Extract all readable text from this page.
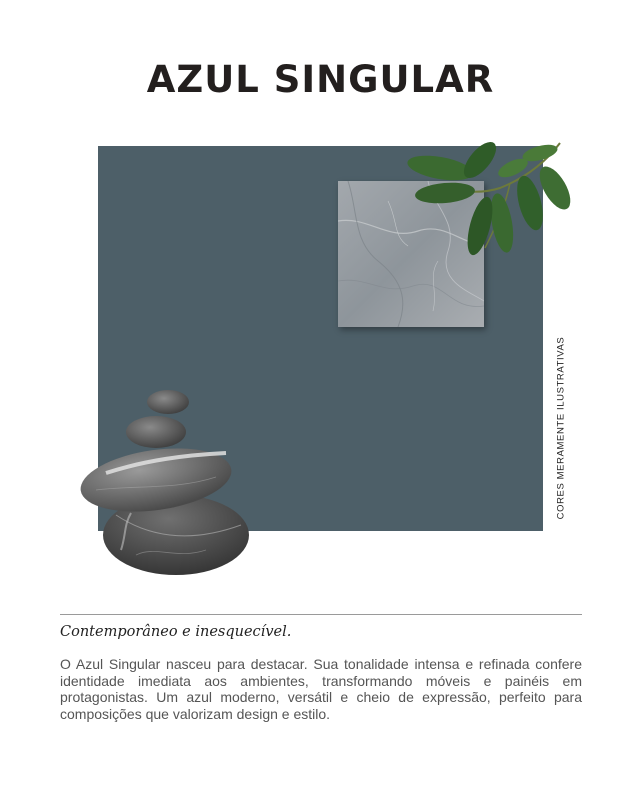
AZUL SINGULAR
CORES MERAMENTE ILUSTRATIVAS
Contemporâneo e inesquecível.

O Azul Singular nasceu para destacar. Sua tonalidade intensa e refinada confere identidade imediata aos ambientes, transformando móveis e painéis em protagonistas. Um azul moderno, versátil e cheio de expressão, perfeito para composições que valorizam design e estilo.
